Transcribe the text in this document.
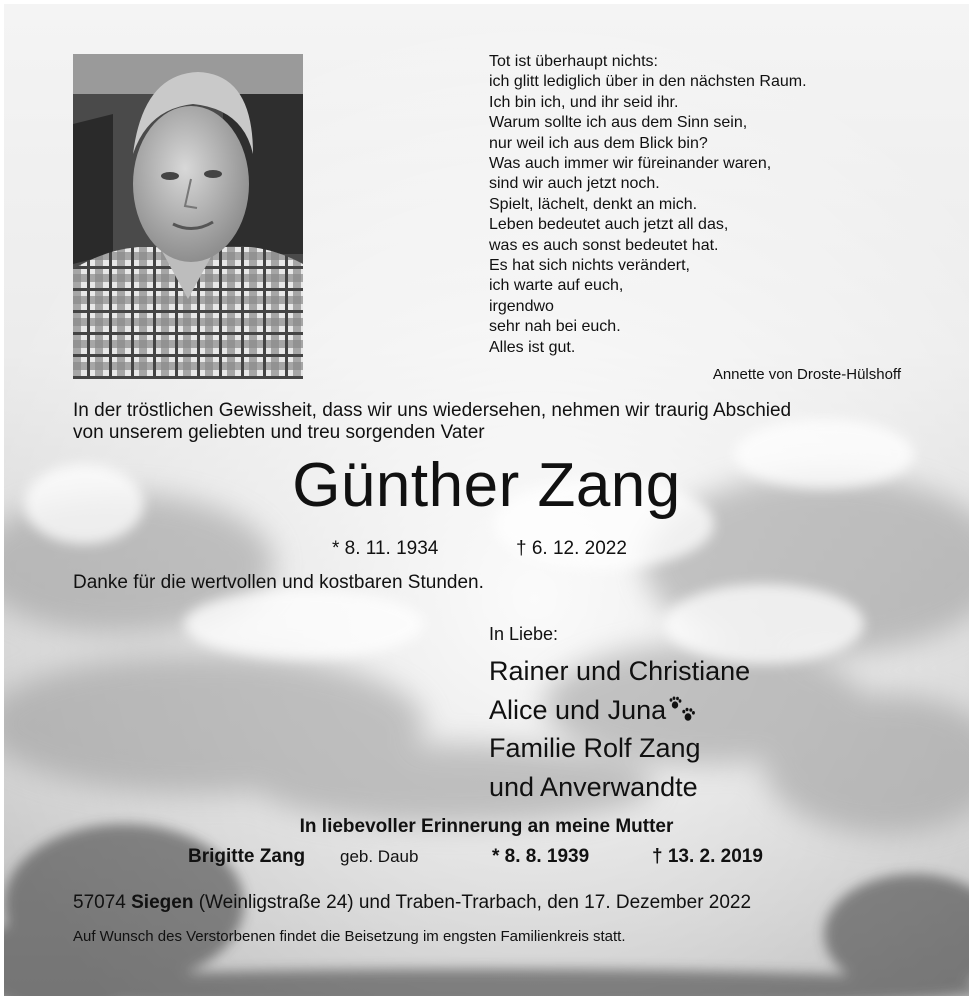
Tot ist überhaupt nichts:
ich glitt lediglich über in den nächsten Raum.
Ich bin ich, und ihr seid ihr.
Warum sollte ich aus dem Sinn sein,
nur weil ich aus dem Blick bin?
Was auch immer wir füreinander waren,
sind wir auch jetzt noch.
Spielt, lächelt, denkt an mich.
Leben bedeutet auch jetzt all das,
was es auch sonst bedeutet hat.
Es hat sich nichts verändert,
ich warte auf euch,
irgendwo
sehr nah bei euch.
Alles ist gut.
Annette von Droste-Hülshoff
In der tröstlichen Gewissheit, dass wir uns wiedersehen, nehmen wir traurig Abschied
von unserem geliebten und treu sorgenden Vater
Günther Zang
* 8. 11. 1934	† 6. 12. 2022
Danke für die wertvollen und kostbaren Stunden.
In Liebe:
Rainer und Christiane
Alice und Juna
Familie Rolf Zang
und Anverwandte
In liebevoller Erinnerung an meine Mutter
Brigitte Zang geb. Daub	* 8. 8. 1939	† 13. 2. 2019
57074 Siegen (Weinligstraße 24) und Traben-Trarbach, den 17. Dezember 2022
Auf Wunsch des Verstorbenen findet die Beisetzung im engsten Familienkreis statt.
